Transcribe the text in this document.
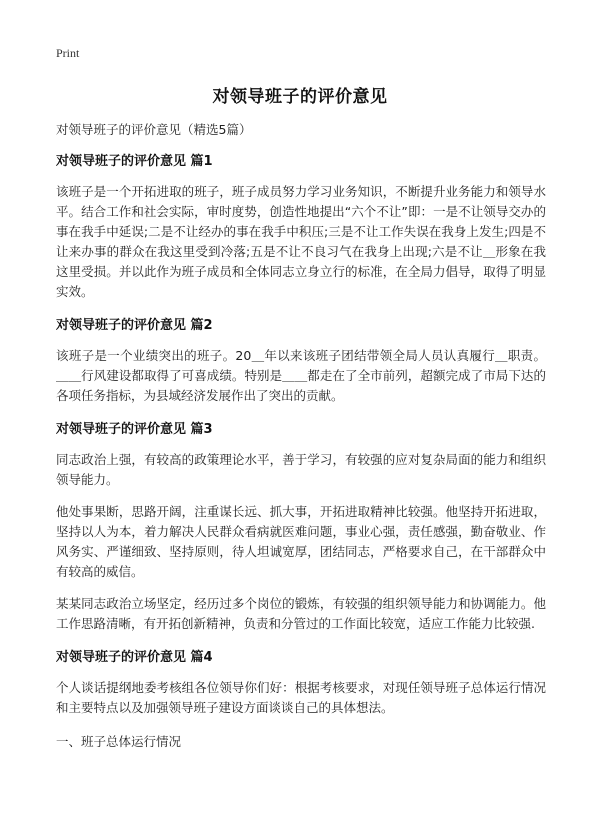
Print
对领导班子的评价意见

对领导班子的评价意见（精选5篇）

对领导班子的评价意见 篇1

该班子是一个开拓进取的班子，班子成员努力学习业务知识，不断提升业务能力和领导水平。结合工作和社会实际，审时度势，创造性地提出“六个不让”即：一是不让领导交办的事在我手中延误;二是不让经办的事在我手中积压;三是不让工作失误在我身上发生;四是不让来办事的群众在我这里受到冷落;五是不让不良习气在我身上出现;六是不让＿形象在我这里受损。并以此作为班子成员和全体同志立身立行的标准，在全局力倡导，取得了明显实效。

对领导班子的评价意见 篇2

该班子是一个业绩突出的班子。20＿年以来该班子团结带领全局人员认真履行＿职责。＿＿行风建设都取得了可喜成绩。特别是＿＿都走在了全市前列，超额完成了市局下达的各项任务指标，为县域经济发展作出了突出的贡献。

对领导班子的评价意见 篇3

同志政治上强，有较高的政策理论水平，善于学习，有较强的应对复杂局面的能力和组织领导能力。

他处事果断，思路开阔，注重谋长远、抓大事，开拓进取精神比较强。他坚持开拓进取，坚持以人为本，着力解决人民群众看病就医难问题，事业心强，责任感强，勤奋敬业、作风务实、严谨细致、坚持原则，待人坦诚宽厚，团结同志，严格要求自己，在干部群众中有较高的威信。

某某同志政治立场坚定，经历过多个岗位的锻炼，有较强的组织领导能力和协调能力。他工作思路清晰，有开拓创新精神，负责和分管过的工作面比较宽，适应工作能力比较强.

对领导班子的评价意见 篇4

个人谈话提纲地委考核组各位领导你们好：根据考核要求，对现任领导班子总体运行情况和主要特点以及加强领导班子建设方面谈谈自己的具体想法。

一、班子总体运行情况
